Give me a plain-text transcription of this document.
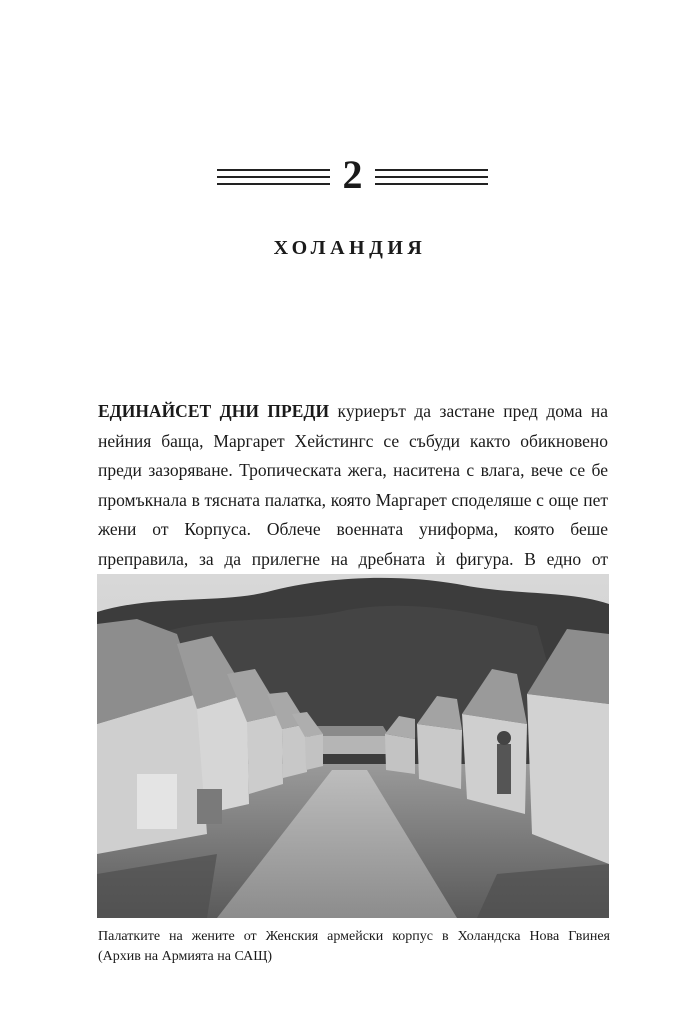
2
ХОЛАНДИЯ

ЕДИНАЙСЕТ ДНИ ПРЕДИ куриерът да застане пред дома на нейния баща, Маргарет Хейстингс се събуди както обикновено преди зазоряване. Тропическата жега, наситена с влага, вече се бе промъкнала в тясната палатка, която Маргарет споделяше с още пет жени от Корпуса. Облече военната униформа, която беше преправила, за да прилегне на дребната ѝ фигура. В едно от

Палатките на жените от Женския армейски корпус в Холандска Нова Гвинея
(Архив на Армията на САЩ)
